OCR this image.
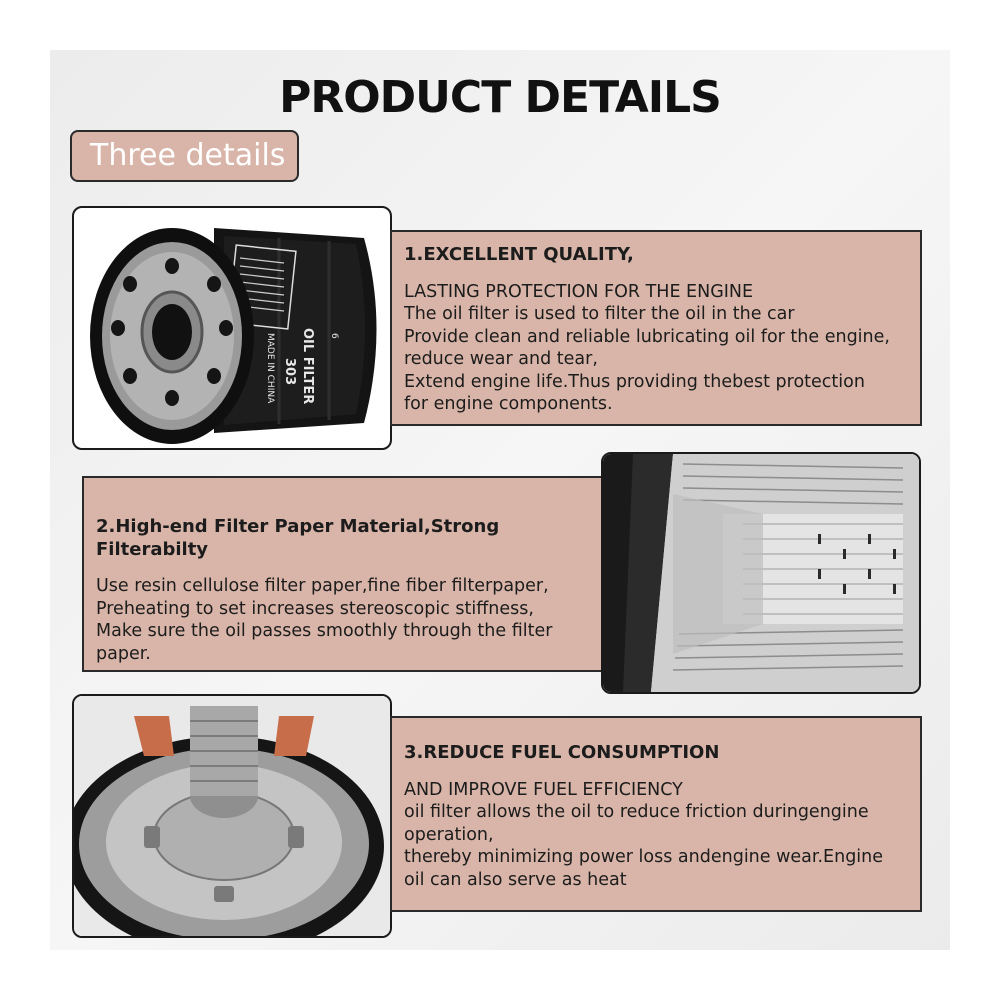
PRODUCT DETAILS
Three details
OIL FILTER
303
MADE IN CHINA	6
1.EXCELLENT QUALITY,
LASTING PROTECTION FOR THE ENGINE
The oil filter is used to filter the oil in the car
Provide clean and reliable lubricating oil for the engine,
reduce wear and tear,
Extend engine life.Thus providing thebest protection
for engine components.
2.High-end Filter Paper Material,Strong Filterabilty
Use resin cellulose filter paper,fine fiber filterpaper,
Preheating to set increases stereoscopic stiffness,
Make sure the oil passes smoothly through the filter
paper.
3.REDUCE FUEL CONSUMPTION
AND IMPROVE FUEL EFFICIENCY
oil filter allows the oil to reduce friction duringengine
operation,
thereby minimizing power loss andengine wear.Engine
oil can also serve as heat
